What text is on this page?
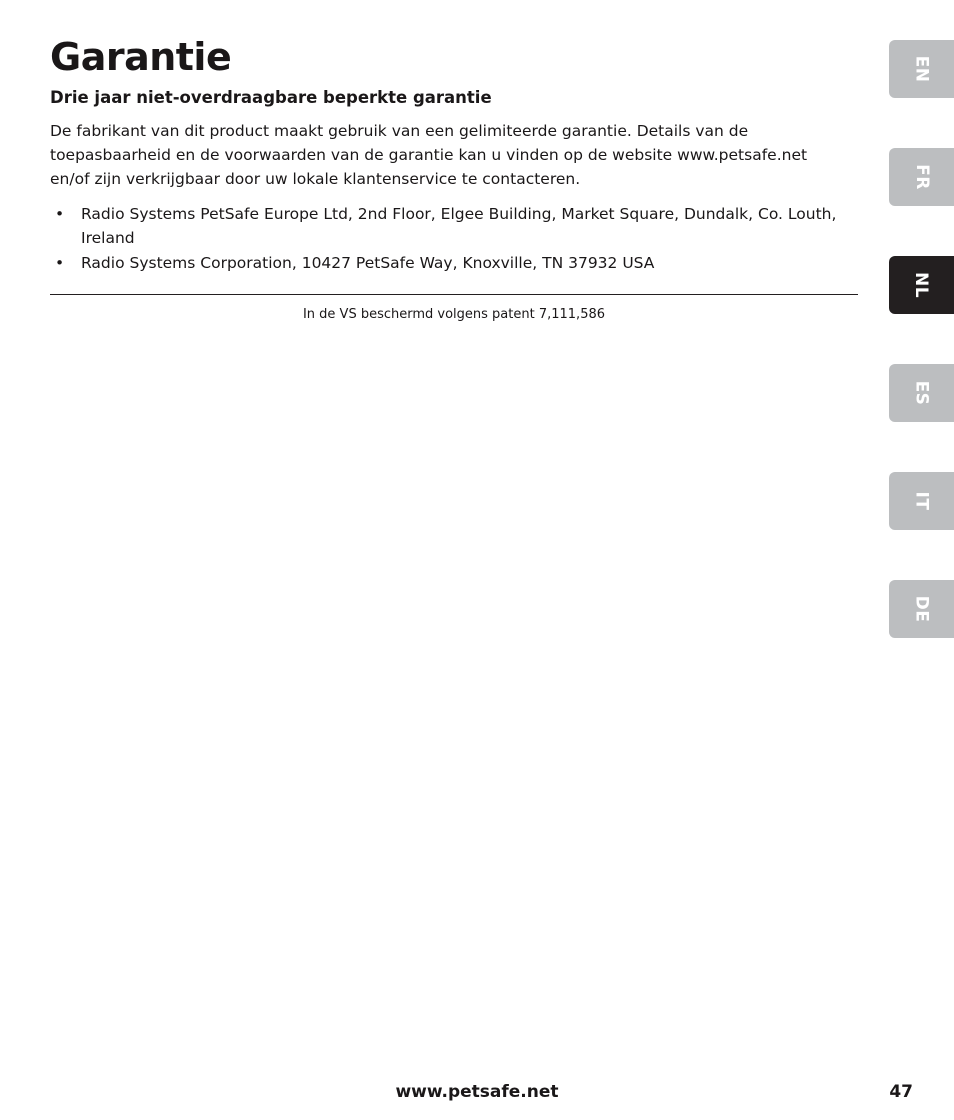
Garantie
Drie jaar niet-overdraagbare beperkte garantie

De fabrikant van dit product maakt gebruik van een gelimiteerde garantie. Details van de toepasbaarheid en de voorwaarden van de garantie kan u vinden op de website www.petsafe.net en/of zijn verkrijgbaar door uw lokale klantenservice te contacteren.

• Radio Systems PetSafe Europe Ltd, 2nd Floor, Elgee Building, Market Square, Dundalk, Co. Louth, Ireland
• Radio Systems Corporation, 10427 PetSafe Way, Knoxville, TN 37932 USA
In de VS beschermd volgens patent 7,111,586
EN
FR
NL
ES
IT
DE
www.petsafe.net	47
